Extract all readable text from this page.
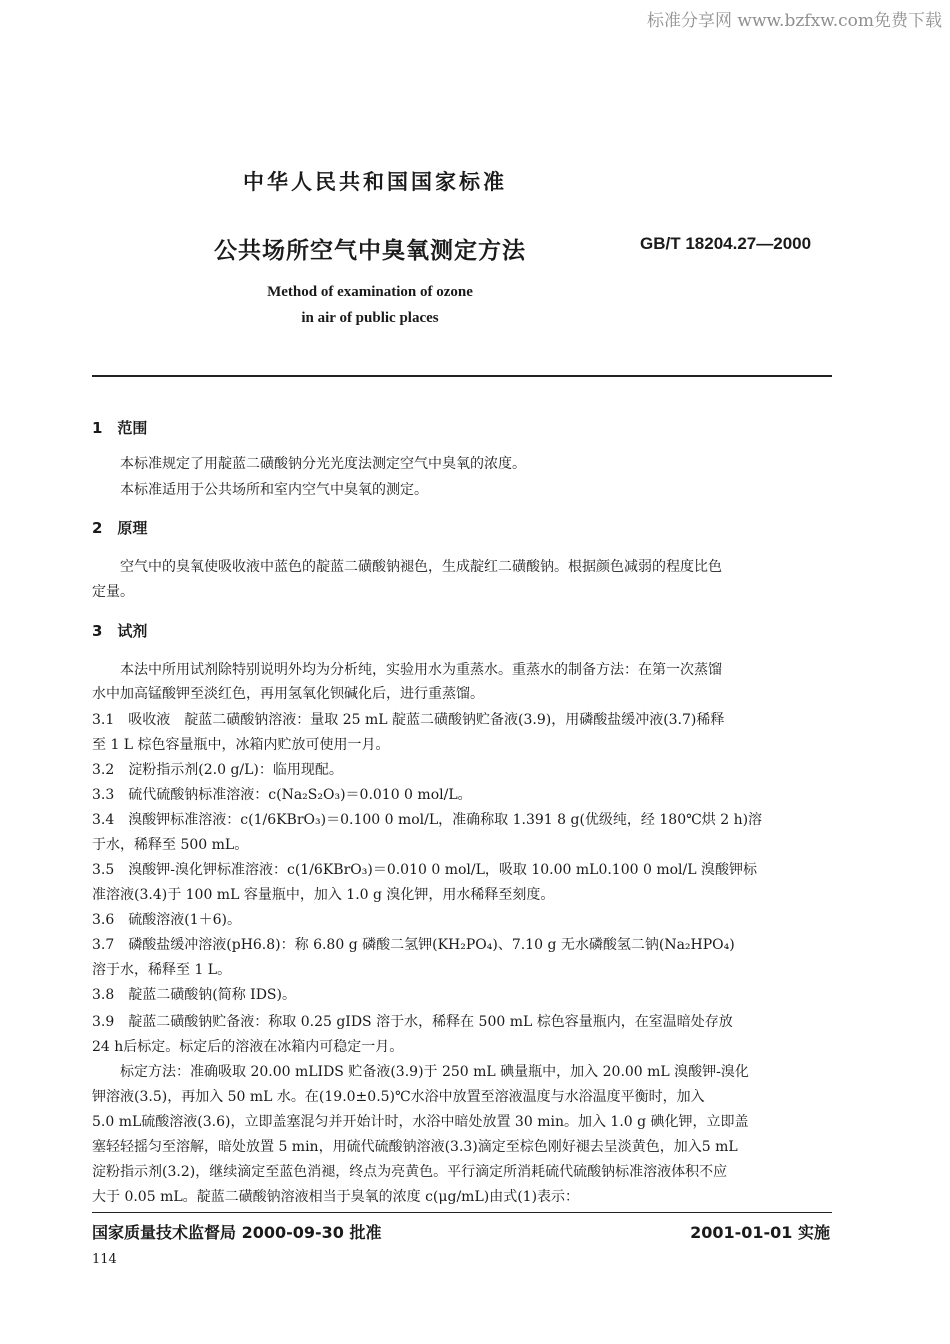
标准分享网 www.bzfxw.com免费下载
中华人民共和国国家标准
公共场所空气中臭氧测定方法	GB/T 18204.27—2000
Method of examination of ozone
in air of public places
1　范围
本标准规定了用靛蓝二磺酸钠分光光度法测定空气中臭氧的浓度。
本标准适用于公共场所和室内空气中臭氧的测定。
2　原理
空气中的臭氧使吸收液中蓝色的靛蓝二磺酸钠褪色，生成靛红二磺酸钠。根据颜色减弱的程度比色
定量。
3　试剂
本法中所用试剂除特别说明外均为分析纯，实验用水为重蒸水。重蒸水的制备方法：在第一次蒸馏
水中加高锰酸钾至淡红色，再用氢氧化钡碱化后，进行重蒸馏。
3.1　吸收液　靛蓝二磺酸钠溶液：量取 25 mL 靛蓝二磺酸钠贮备液(3.9)，用磷酸盐缓冲液(3.7)稀释
至 1 L 棕色容量瓶中，冰箱内贮放可使用一月。
3.2　淀粉指示剂(2.0 g/L)：临用现配。
3.3　硫代硫酸钠标准溶液：c(Na₂S₂O₃)＝0.010 0 mol/L。
3.4　溴酸钾标准溶液：c(1/6KBrO₃)＝0.100 0 mol/L，准确称取 1.391 8 g(优级纯，经 180℃烘 2 h)溶
于水，稀释至 500 mL。
3.5　溴酸钾-溴化钾标准溶液：c(1/6KBrO₃)＝0.010 0 mol/L，吸取 10.00 mL0.100 0 mol/L 溴酸钾标
准溶液(3.4)于 100 mL 容量瓶中，加入 1.0 g 溴化钾，用水稀释至刻度。
3.6　硫酸溶液(1＋6)。
3.7　磷酸盐缓冲溶液(pH6.8)：称 6.80 g 磷酸二氢钾(KH₂PO₄)、7.10 g 无水磷酸氢二钠(Na₂HPO₄)
溶于水，稀释至 1 L。
3.8　靛蓝二磺酸钠(简称 IDS)。
3.9　靛蓝二磺酸钠贮备液：称取 0.25 gIDS 溶于水，稀释在 500 mL 棕色容量瓶内，在室温暗处存放
24 h后标定。标定后的溶液在冰箱内可稳定一月。
标定方法：准确吸取 20.00 mLIDS 贮备液(3.9)于 250 mL 碘量瓶中，加入 20.00 mL 溴酸钾-溴化
钾溶液(3.5)，再加入 50 mL 水。在(19.0±0.5)℃水浴中放置至溶液温度与水浴温度平衡时，加入
5.0 mL硫酸溶液(3.6)，立即盖塞混匀并开始计时，水浴中暗处放置 30 min。加入 1.0 g 碘化钾，立即盖
塞轻轻摇匀至溶解，暗处放置 5 min，用硫代硫酸钠溶液(3.3)滴定至棕色刚好褪去呈淡黄色，加入5 mL
淀粉指示剂(3.2)，继续滴定至蓝色消褪，终点为亮黄色。平行滴定所消耗硫代硫酸钠标准溶液体积不应
大于 0.05 mL。靛蓝二磺酸钠溶液相当于臭氧的浓度 c(μg/mL)由式(1)表示：
国家质量技术监督局 2000-09-30 批准	2001-01-01 实施
114
